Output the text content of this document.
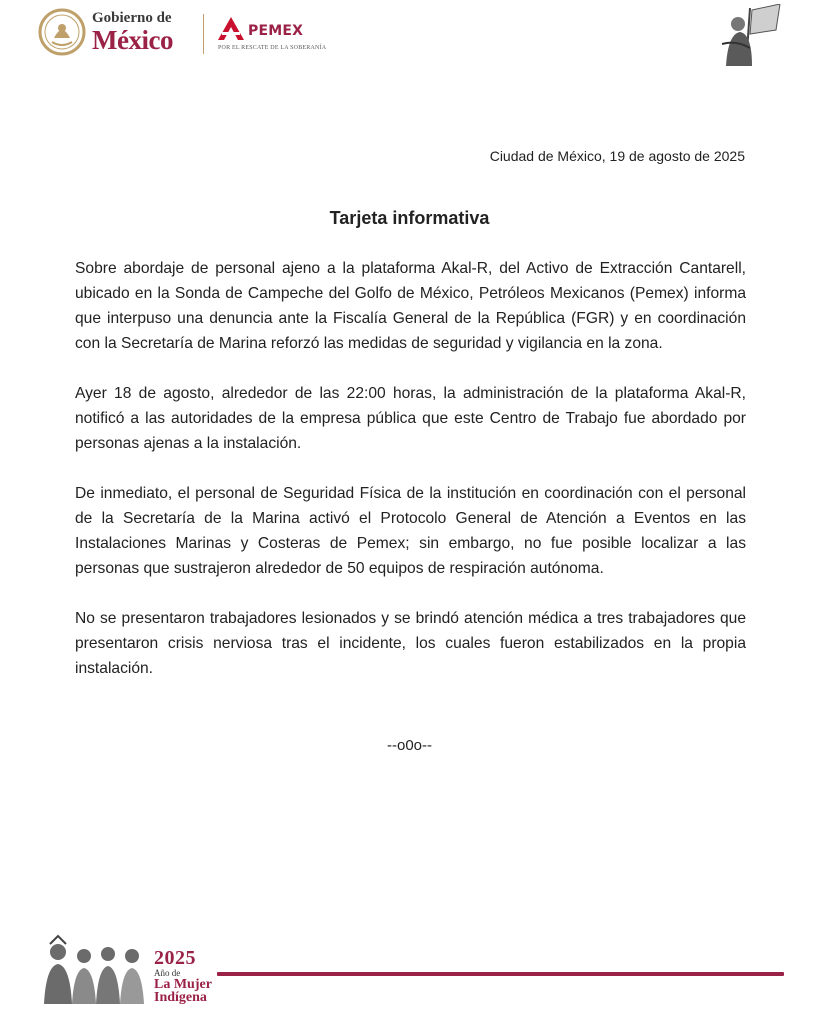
Gobierno de
México	PEMEX
POR EL RESCATE DE LA SOBERANÍA
Ciudad de México, 19 de agosto de 2025
Tarjeta informativa

Sobre abordaje de personal ajeno a la plataforma Akal-R, del Activo de Extracción Cantarell, ubicado en la Sonda de Campeche del Golfo de México, Petróleos Mexicanos (Pemex) informa que interpuso una denuncia ante la Fiscalía General de la República (FGR) y en coordinación con la Secretaría de Marina reforzó las medidas de seguridad y vigilancia en la zona.

Ayer 18 de agosto, alrededor de las 22:00 horas, la administración de la plataforma Akal-R, notificó a las autoridades de la empresa pública que este Centro de Trabajo fue abordado por personas ajenas a la instalación.

De inmediato, el personal de Seguridad Física de la institución en coordinación con el personal de la Secretaría de la Marina activó el Protocolo General de Atención a Eventos en las Instalaciones Marinas y Costeras de Pemex; sin embargo, no fue posible localizar a las personas que sustrajeron alrededor de 50 equipos de respiración autónoma.

No se presentaron trabajadores lesionados y se brindó atención médica a tres trabajadores que presentaron crisis nerviosa tras el incidente, los cuales fueron estabilizados en la propia instalación.

--o0o--
2025
Año de
La Mujer
Indígena
